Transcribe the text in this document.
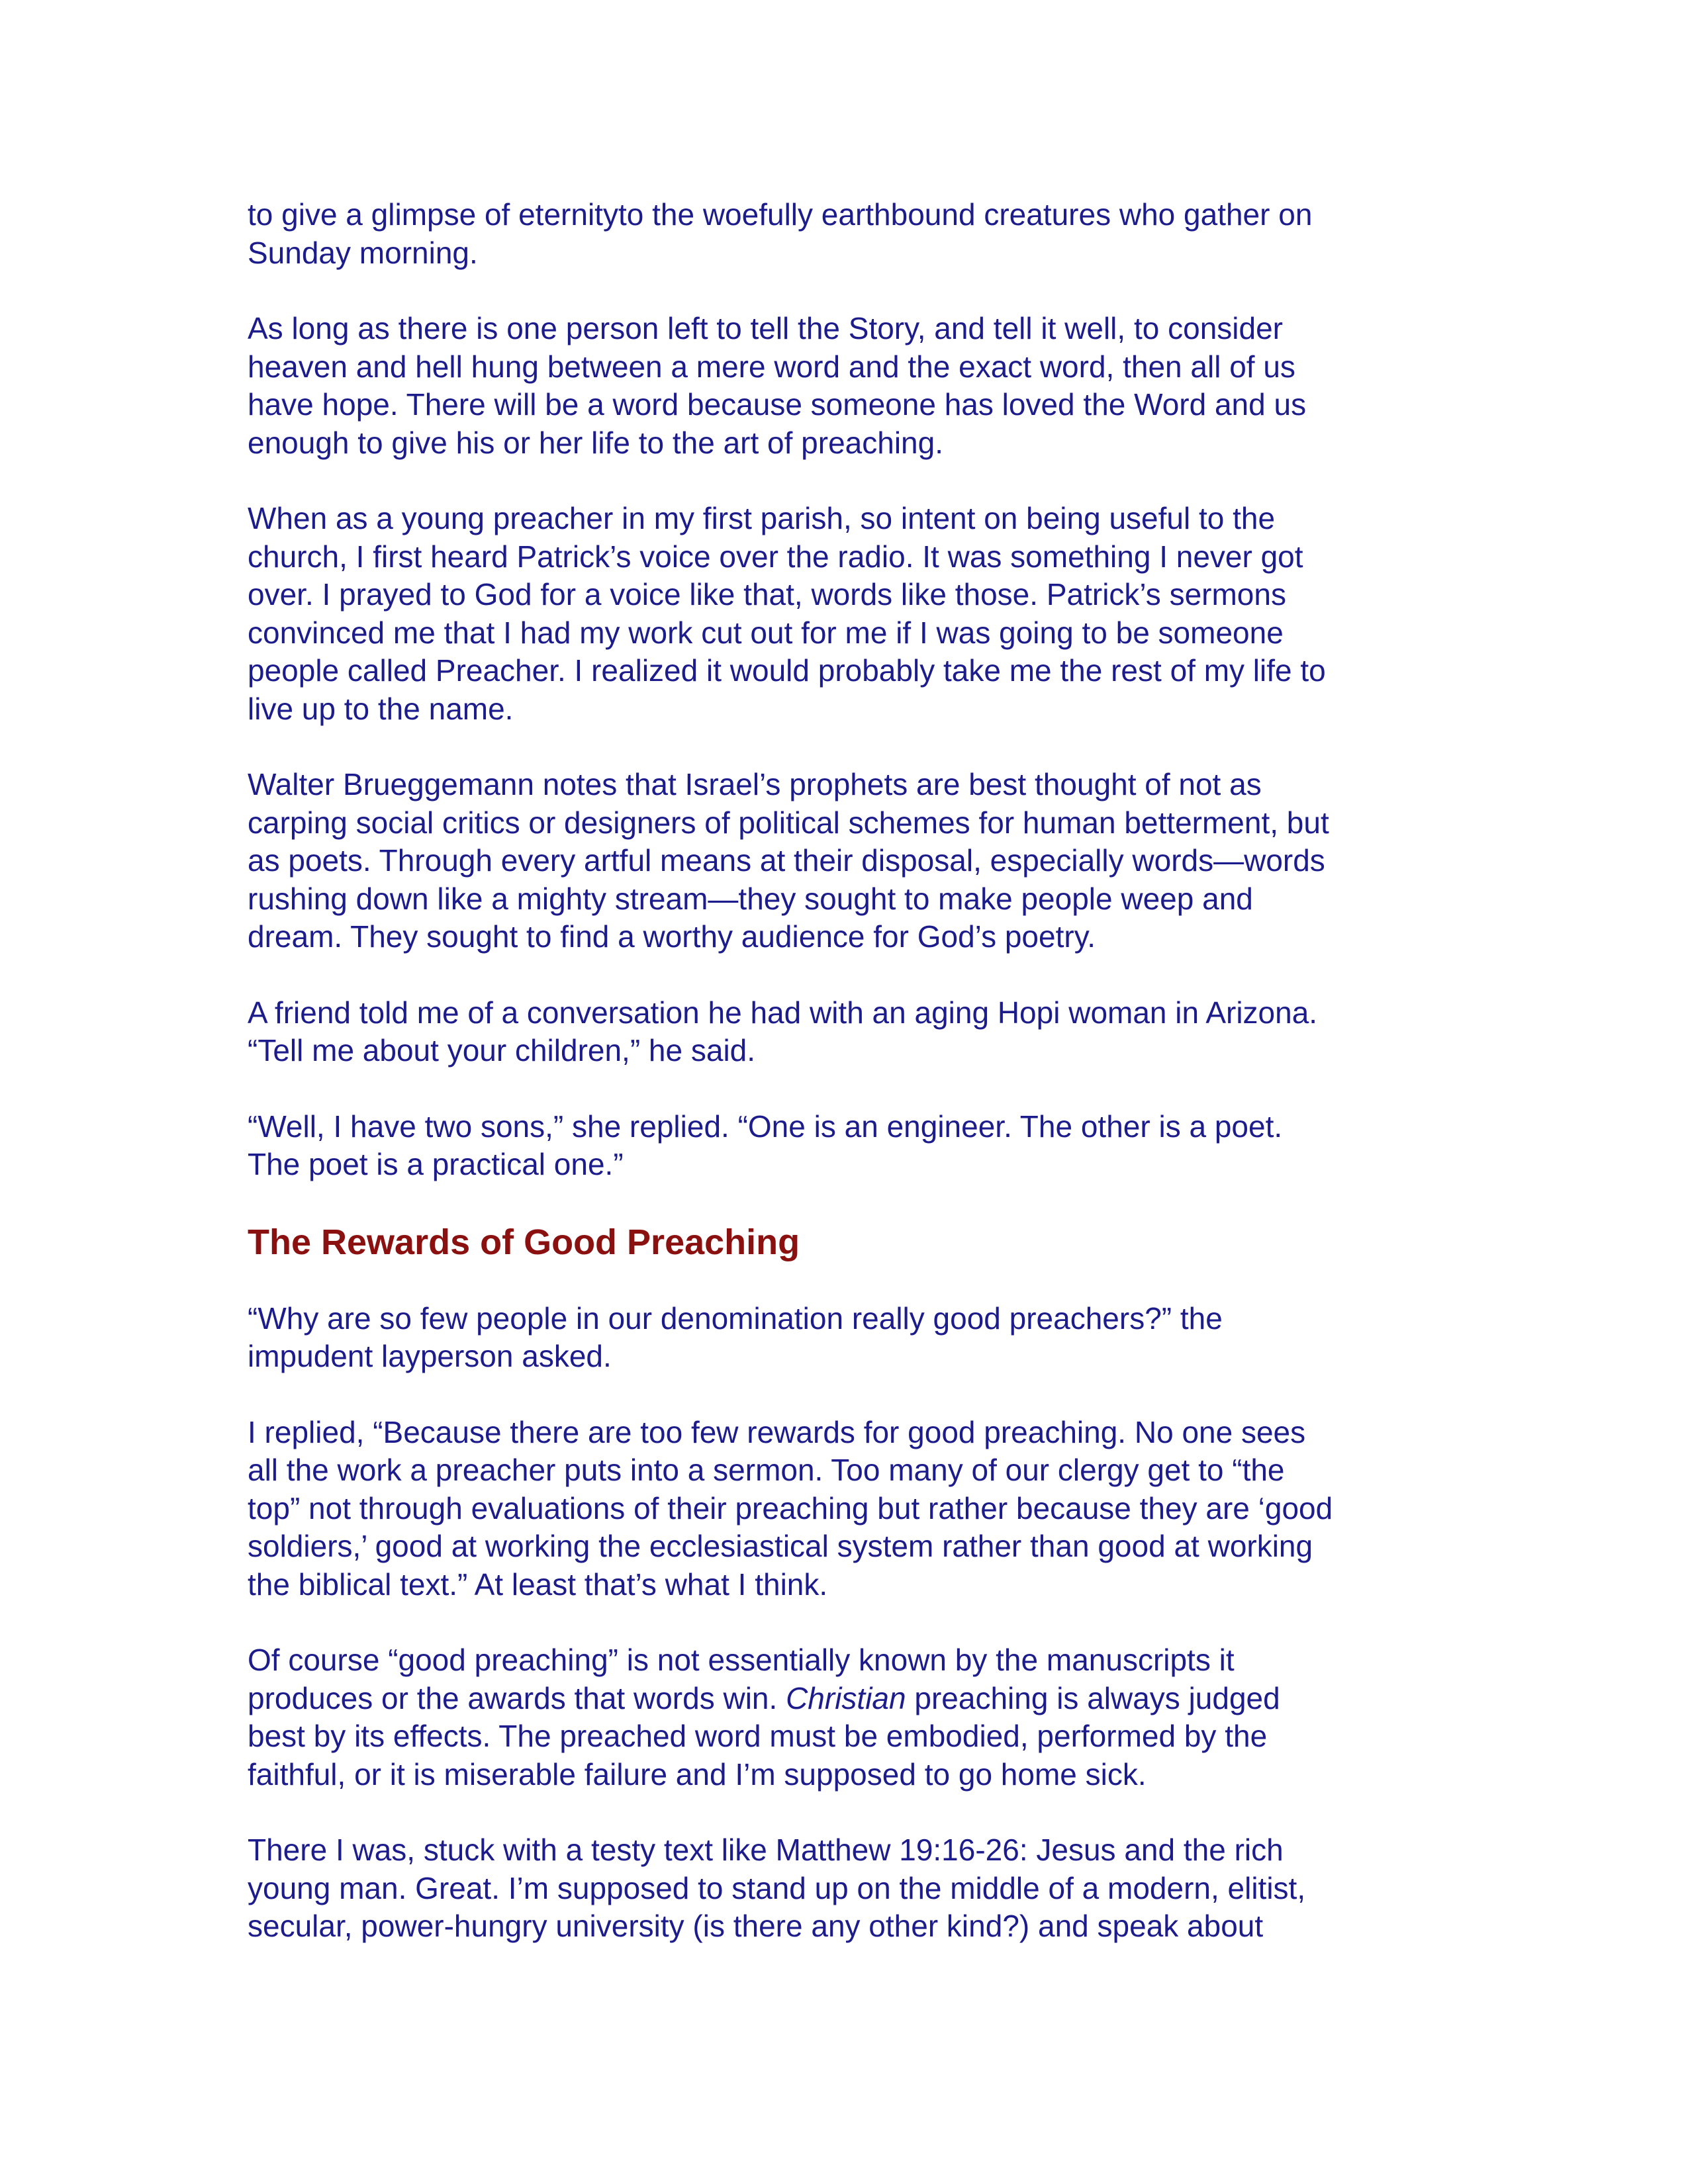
to give a glimpse of eternityto the woefully earthbound creatures who gather on
Sunday morning.

As long as there is one person left to tell the Story, and tell it well, to consider
heaven and hell hung between a mere word and the exact word, then all of us
have hope. There will be a word because someone has loved the Word and us
enough to give his or her life to the art of preaching.

When as a young preacher in my first parish, so intent on being useful to the
church, I first heard Patrick’s voice over the radio. It was something I never got
over. I prayed to God for a voice like that, words like those. Patrick’s sermons
convinced me that I had my work cut out for me if I was going to be someone
people called Preacher. I realized it would probably take me the rest of my life to
live up to the name.

Walter Brueggemann notes that Israel’s prophets are best thought of not as
carping social critics or designers of political schemes for human betterment, but
as poets. Through every artful means at their disposal, especially words—words
rushing down like a mighty stream—they sought to make people weep and
dream. They sought to find a worthy audience for God’s poetry.

A friend told me of a conversation he had with an aging Hopi woman in Arizona.
“Tell me about your children,” he said.

“Well, I have two sons,” she replied. “One is an engineer. The other is a poet.
The poet is a practical one.”

The Rewards of Good Preaching

“Why are so few people in our denomination really good preachers?” the
impudent layperson asked.

I replied, “Because there are too few rewards for good preaching. No one sees
all the work a preacher puts into a sermon. Too many of our clergy get to “the
top” not through evaluations of their preaching but rather because they are ‘good
soldiers,’ good at working the ecclesiastical system rather than good at working
the biblical text.” At least that’s what I think.

Of course “good preaching” is not essentially known by the manuscripts it
produces or the awards that words win. Christian preaching is always judged
best by its effects. The preached word must be embodied, performed by the
faithful, or it is miserable failure and I’m supposed to go home sick.

There I was, stuck with a testy text like Matthew 19:16-26: Jesus and the rich
young man. Great. I’m supposed to stand up on the middle of a modern, elitist,
secular, power-hungry university (is there any other kind?) and speak about
